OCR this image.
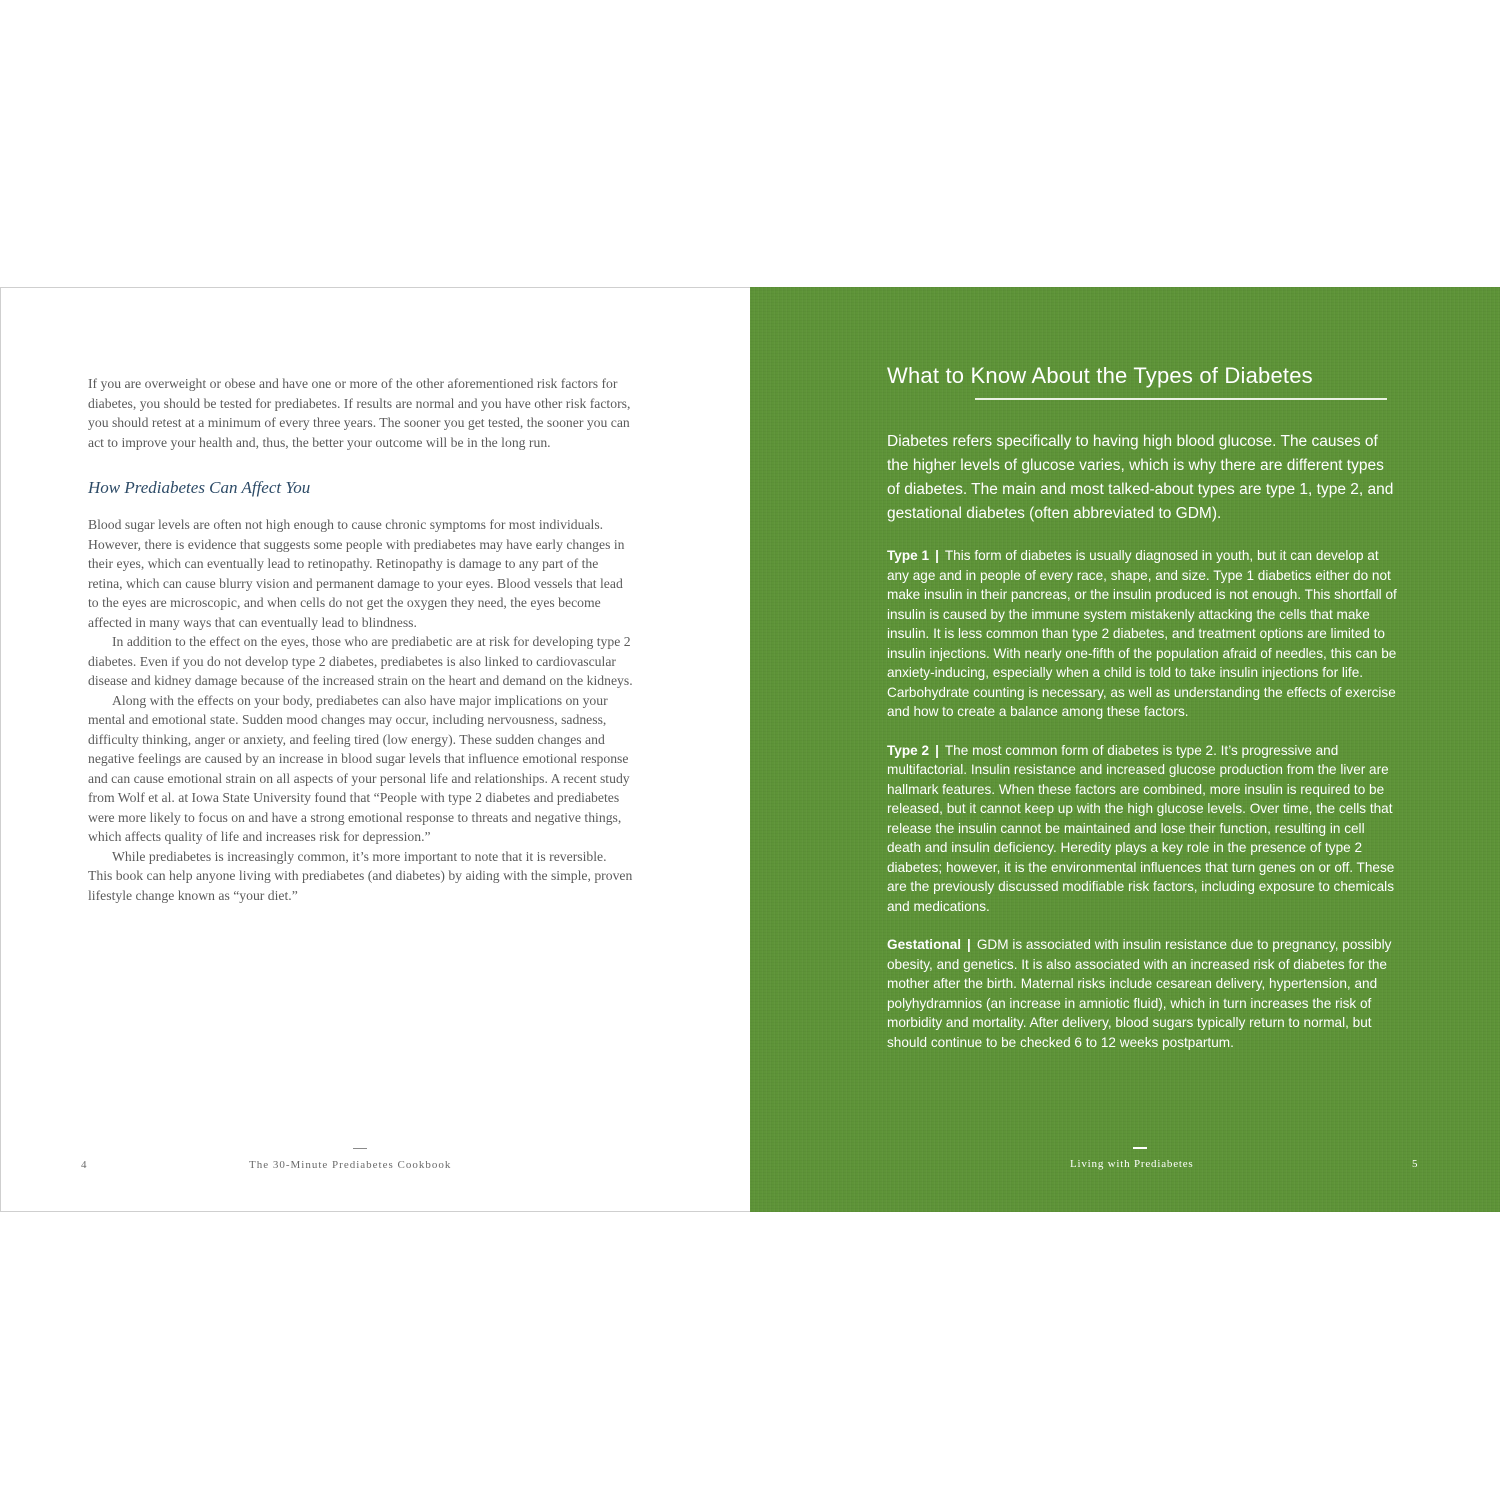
If you are overweight or obese and have one or more of the other aforementioned risk factors for diabetes, you should be tested for prediabetes. If results are normal and you have other risk factors, you should retest at a minimum of every three years. The sooner you get tested, the sooner you can act to improve your health and, thus, the better your outcome will be in the long run.

How Prediabetes Can Affect You

Blood sugar levels are often not high enough to cause chronic symptoms for most individuals. However, there is evidence that suggests some people with prediabetes may have early changes in their eyes, which can eventually lead to retinopathy. Retinopathy is damage to any part of the retina, which can cause blurry vision and permanent damage to your eyes. Blood vessels that lead to the eyes are microscopic, and when cells do not get the oxygen they need, the eyes become affected in many ways that can eventually lead to blindness.

In addition to the effect on the eyes, those who are prediabetic are at risk for developing type 2 diabetes. Even if you do not develop type 2 diabetes, prediabetes is also linked to cardiovascular disease and kidney damage because of the increased strain on the heart and demand on the kidneys.

Along with the effects on your body, prediabetes can also have major implications on your mental and emotional state. Sudden mood changes may occur, including nervousness, sadness, difficulty thinking, anger or anxiety, and feeling tired (low energy). These sudden changes and negative feelings are caused by an increase in blood sugar levels that influence emotional response and can cause emotional strain on all aspects of your personal life and relationships. A recent study from Wolf et al. at Iowa State University found that “People with type 2 diabetes and prediabetes were more likely to focus on and have a strong emotional response to threats and negative things, which affects quality of life and increases risk for depression.”

While prediabetes is increasingly common, it’s more important to note that it is reversible. This book can help anyone living with prediabetes (and diabetes) by aiding with the simple, proven lifestyle change known as “your diet.”

4	The 30-Minute Prediabetes Cookbook
What to Know About the Types of Diabetes

Diabetes refers specifically to having high blood glucose. The causes of the higher levels of glucose varies, which is why there are different types of diabetes. The main and most talked-about types are type 1, type 2, and gestational diabetes (often abbreviated to GDM).

Type 1 | This form of diabetes is usually diagnosed in youth, but it can develop at any age and in people of every race, shape, and size. Type 1 diabetics either do not make insulin in their pancreas, or the insulin produced is not enough. This shortfall of insulin is caused by the immune system mistakenly attacking the cells that make insulin. It is less common than type 2 diabetes, and treatment options are limited to insulin injections. With nearly one-fifth of the population afraid of needles, this can be anxiety-inducing, especially when a child is told to take insulin injections for life. Carbohydrate counting is necessary, as well as understanding the effects of exercise and how to create a balance among these factors.

Type 2 | The most common form of diabetes is type 2. It’s progressive and multifactorial. Insulin resistance and increased glucose production from the liver are hallmark features. When these factors are combined, more insulin is required to be released, but it cannot keep up with the high glucose levels. Over time, the cells that release the insulin cannot be maintained and lose their function, resulting in cell death and insulin deficiency. Heredity plays a key role in the presence of type 2 diabetes; however, it is the environmental influences that turn genes on or off. These are the previously discussed modifiable risk factors, including exposure to chemicals and medications.

Gestational | GDM is associated with insulin resistance due to pregnancy, possibly obesity, and genetics. It is also associated with an increased risk of diabetes for the mother after the birth. Maternal risks include cesarean delivery, hypertension, and polyhydramnios (an increase in amniotic fluid), which in turn increases the risk of morbidity and mortality. After delivery, blood sugars typically return to normal, but should continue to be checked 6 to 12 weeks postpartum.

Living with Prediabetes	5
